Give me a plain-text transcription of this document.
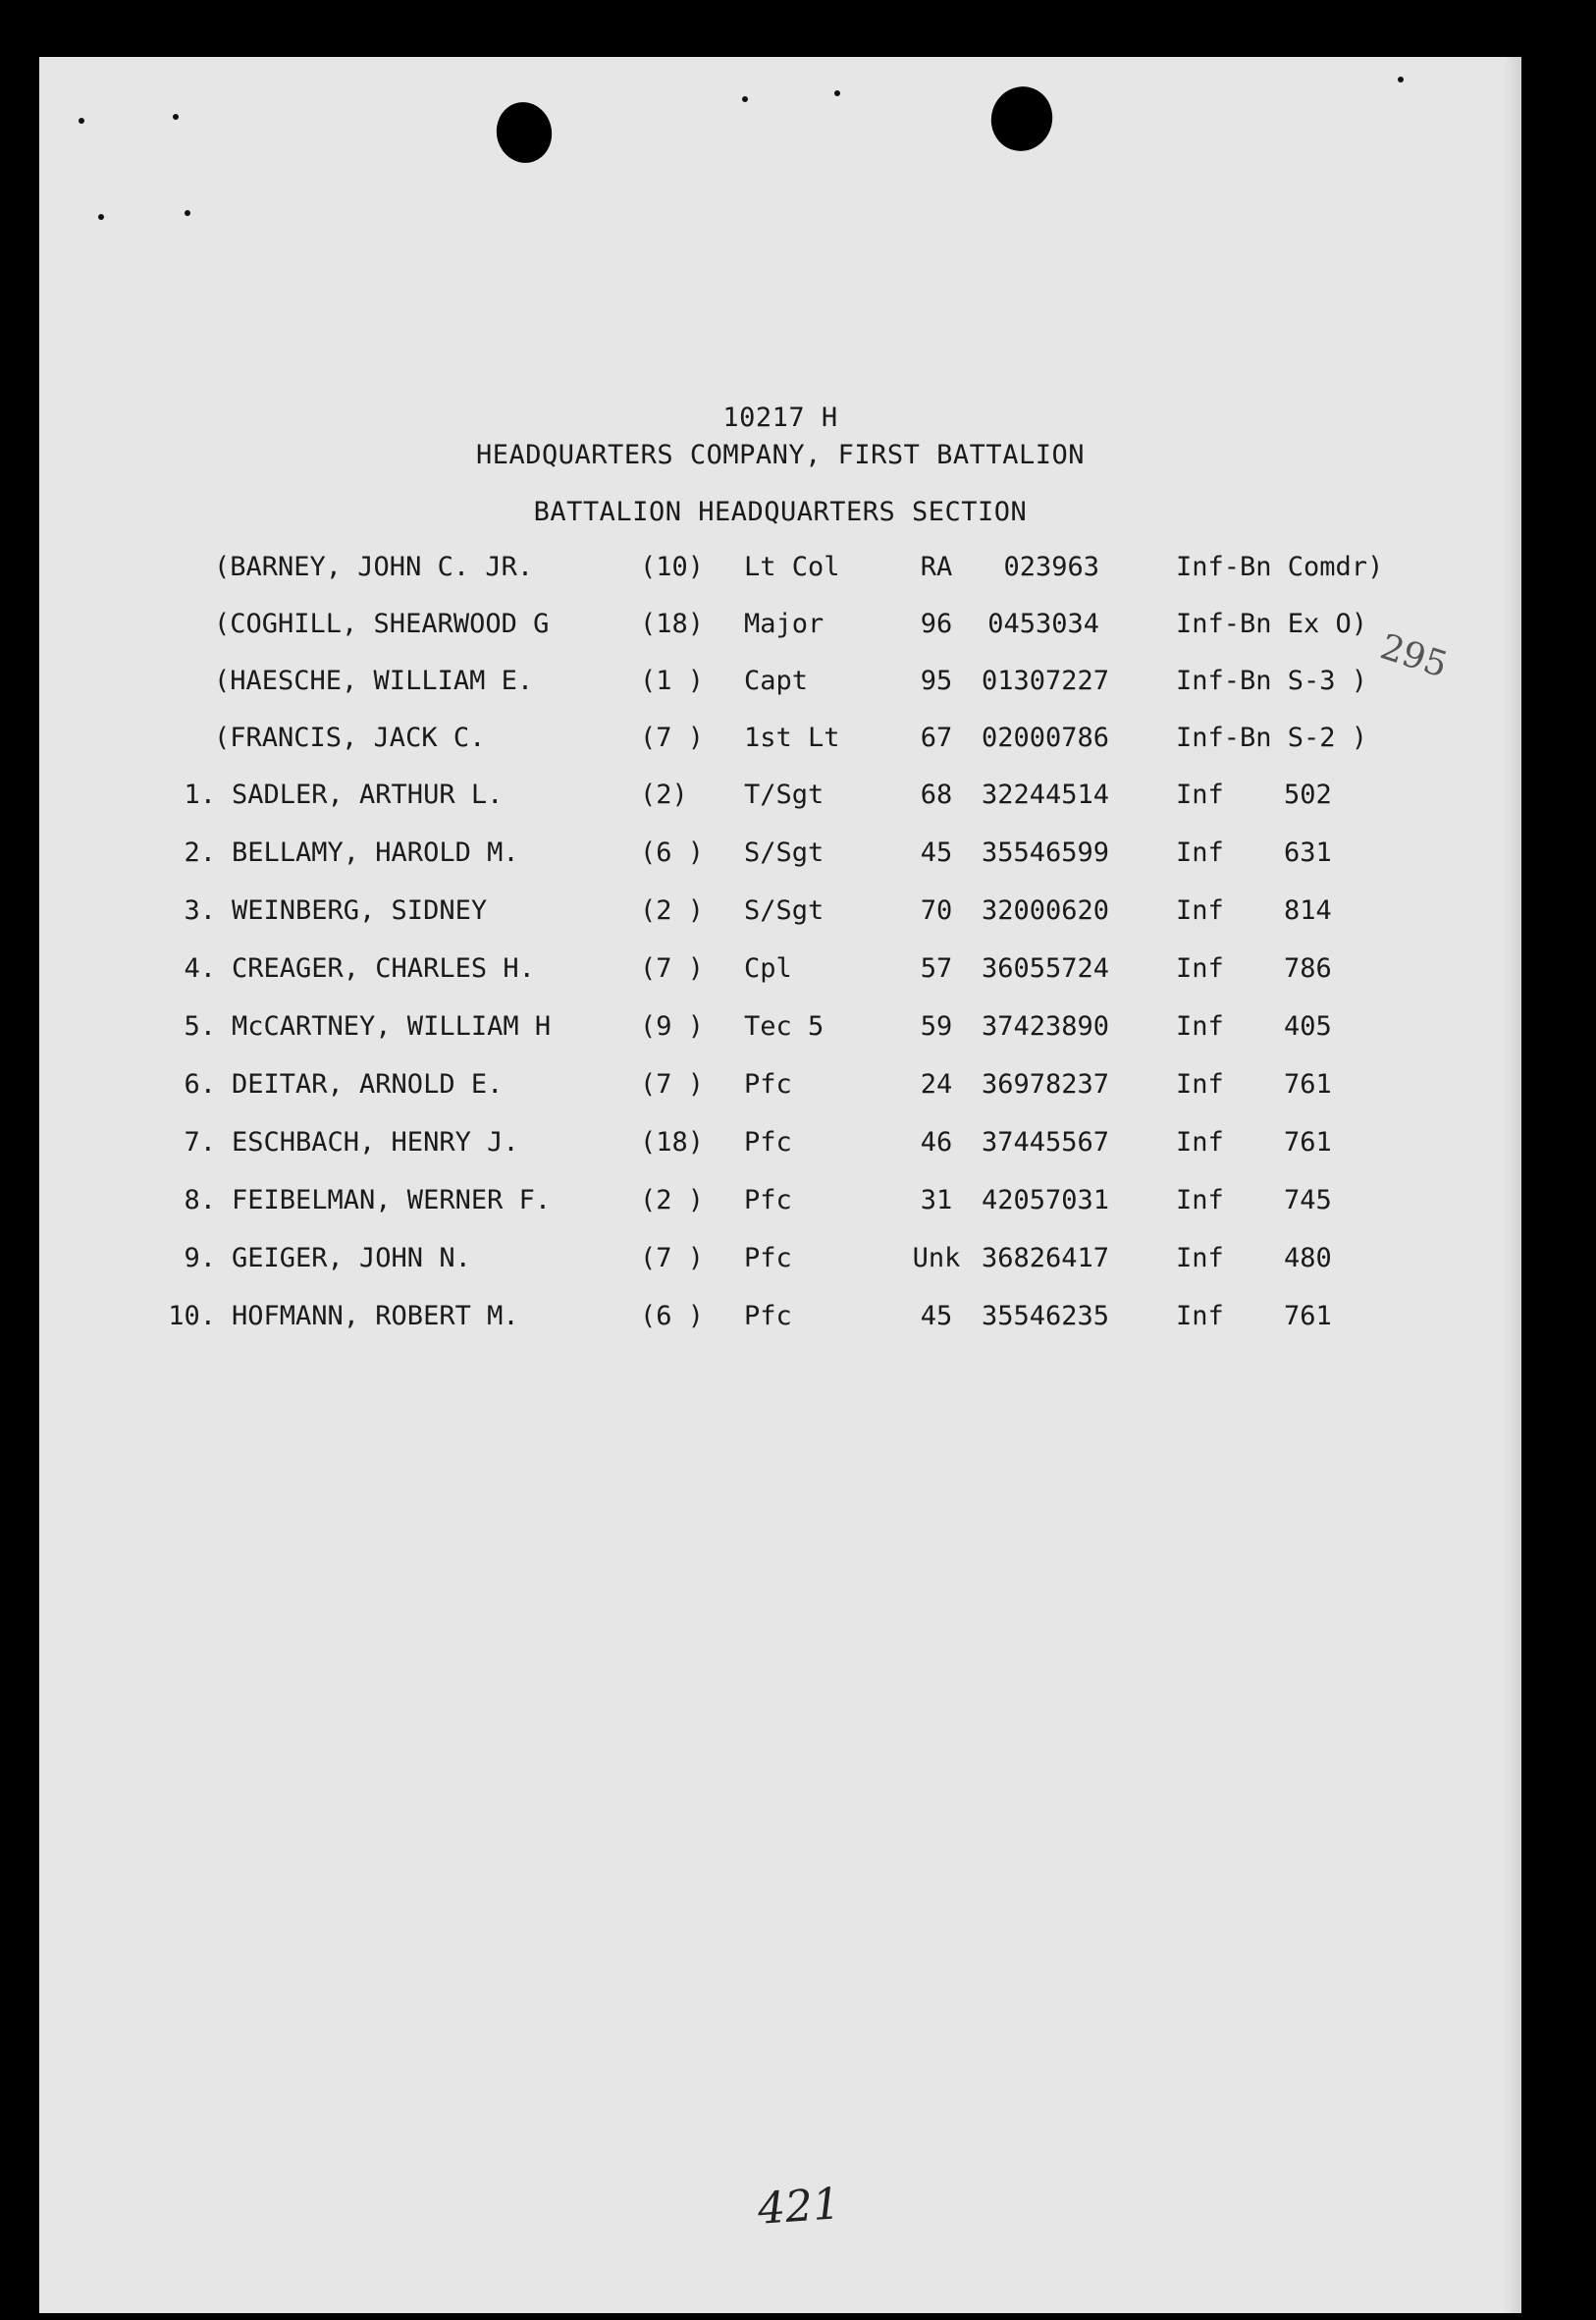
10217 H
HEADQUARTERS COMPANY, FIRST BATTALION
BATTALION HEADQUARTERS SECTION
(BARNEY, JOHN C. JR.	(10) Lt Col	RA	023963	Inf-Bn Comdr)
(COGHILL, SHEARWOOD G	(18) Major	96	0453034	Inf-Bn Ex O)
(HAESCHE, WILLIAM E.	(1 ) Capt	95	01307227	Inf-Bn S-3 )
(FRANCIS, JACK C.	(7 ) 1st Lt	67	02000786	Inf-Bn S-2 )
1. SADLER, ARTHUR L.	(2) T/Sgt	68	32244514	Inf 502
2. BELLAMY, HAROLD M.	(6 ) S/Sgt	45	35546599	Inf 631
3. WEINBERG, SIDNEY	(2 ) S/Sgt	70	32000620	Inf 814
4. CREAGER, CHARLES H.	(7 ) Cpl	57	36055724	Inf 786
5. McCARTNEY, WILLIAM H	(9 ) Tec 5	59	37423890	Inf 405
6. DEITAR, ARNOLD E.	(7 ) Pfc	24	36978237	Inf 761
7. ESCHBACH, HENRY J.	(18) Pfc	46	37445567	Inf 761
8. FEIBELMAN, WERNER F.	(2 ) Pfc	31	42057031	Inf 745
9. GEIGER, JOHN N.	(7 ) Pfc	Unk 36826417	Inf 480
10. HOFMANN, ROBERT M.	(6 ) Pfc	45	35546235	Inf 761
295
421
